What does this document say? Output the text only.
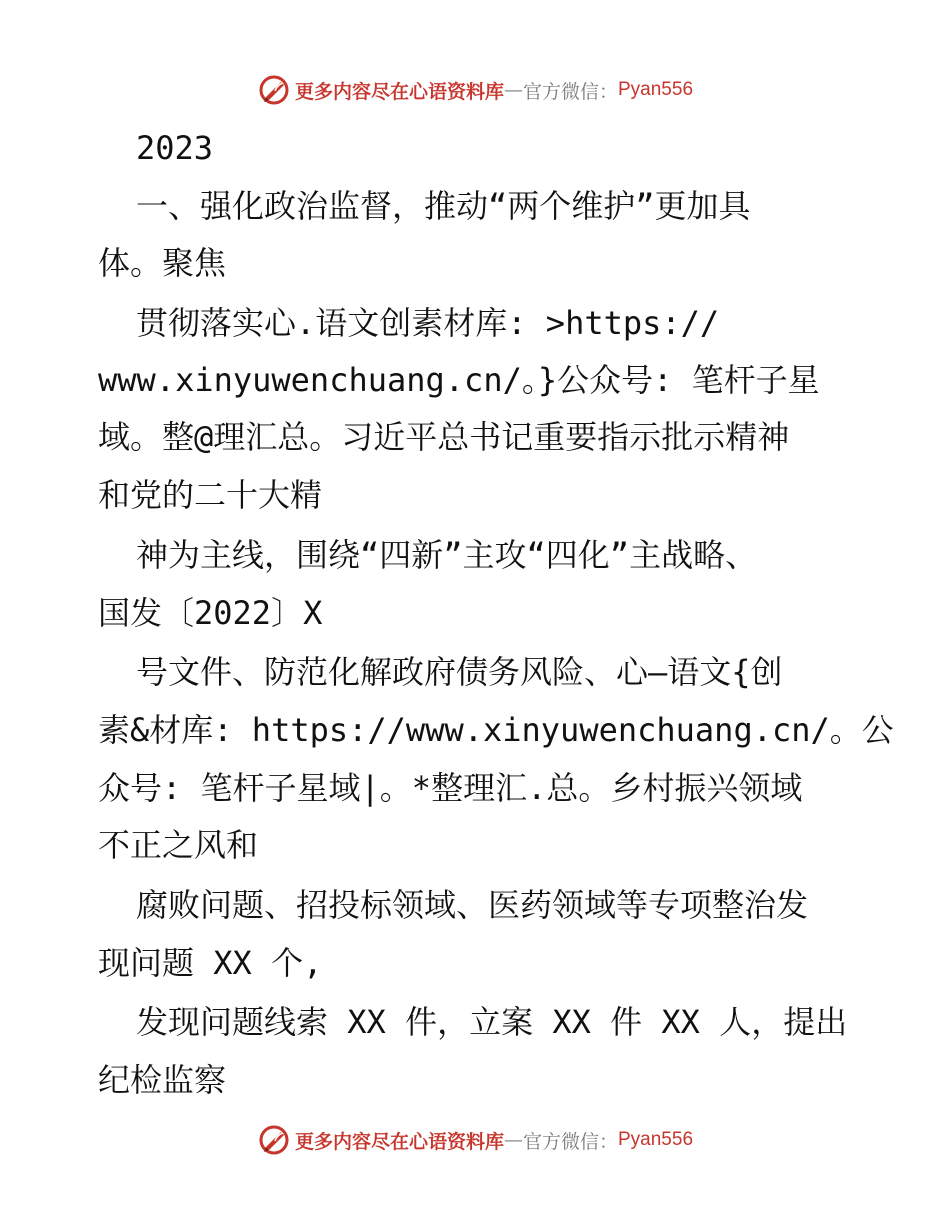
更多内容尽在心语资料库 — 官方微信： Pyan556
2023
一、强化政治监督，推动“两个维护”更加具
体。聚焦
贯彻落实心.语文创素材库: >https://
www.xinyuwenchuang.cn/。}公众号: 笔杆子星
域。整@理汇总。习近平总书记重要指示批示精神
和党的二十大精
神为主线，围绕“四新”主攻“四化”主战略、
国发〔2022〕X
号文件、防范化解政府债务风险、心—语文{创
素&材库: https://www.xinyuwenchuang.cn/。公
众号: 笔杆子星域|。*整理汇.总。乡村振兴领域
不正之风和
腐败问题、招投标领域、医药领域等专项整治发
现问题 XX 个,
发现问题线索 XX 件，立案 XX 件 XX 人，提出
纪检监察
更多内容尽在心语资料库 — 官方微信： Pyan556
